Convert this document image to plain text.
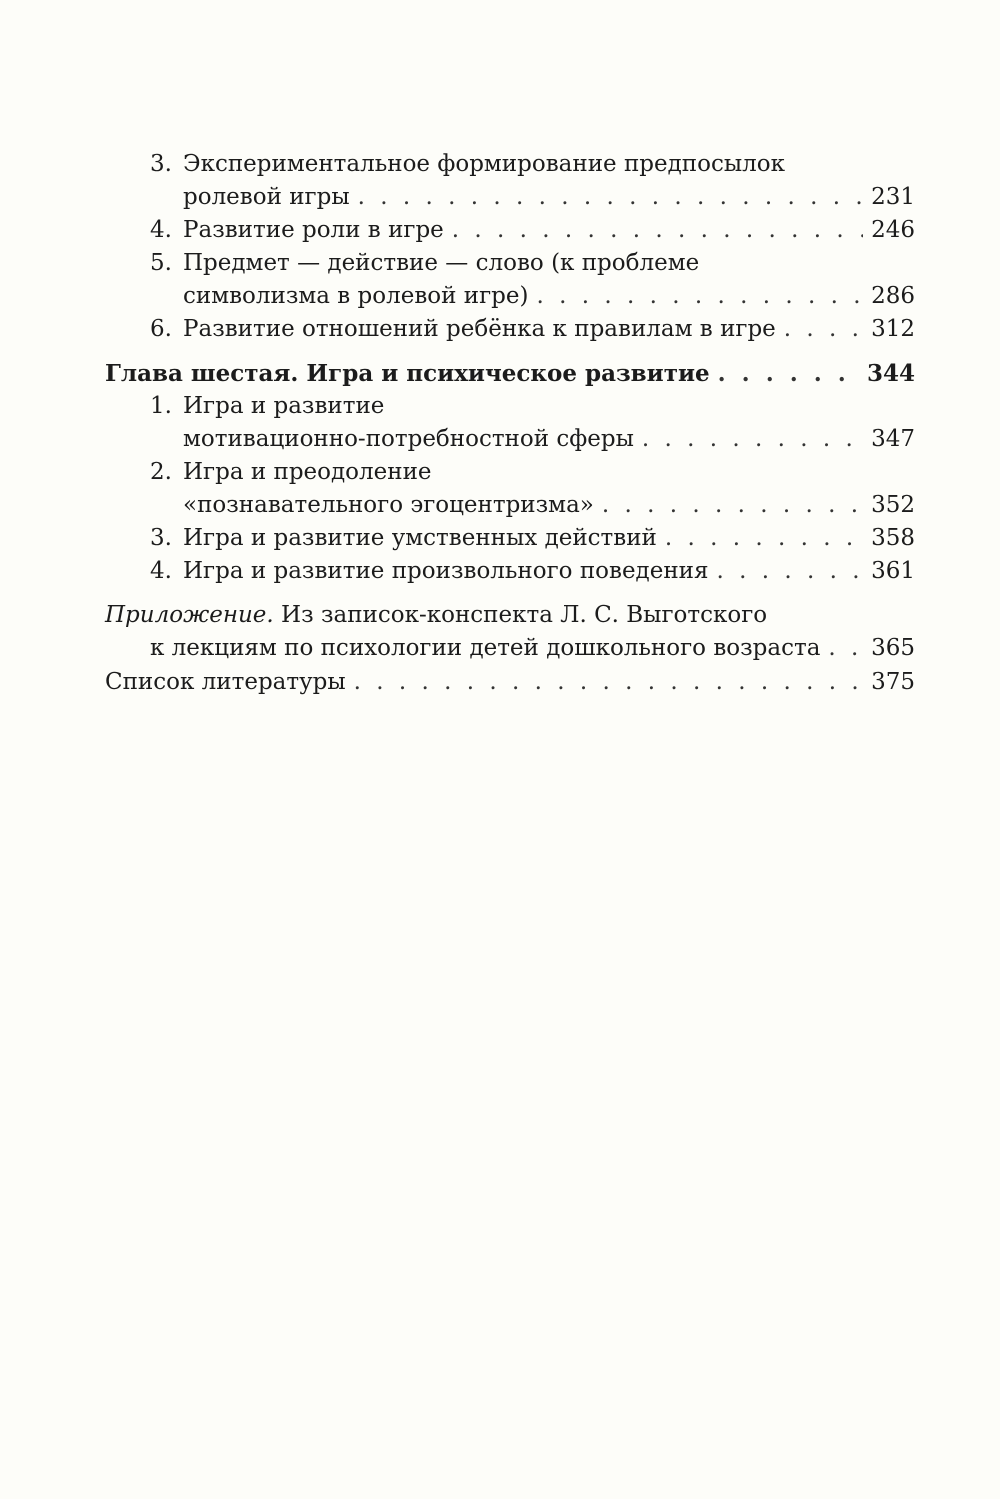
3. Экспериментальное формирование предпосылок
ролевой игры . . .	231
4. Развитие роли в игре . . .	246
5. Предмет — действие — слово (к проблеме
символизма в ролевой игре) . . .	286
6. Развитие отношений ребёнка к правилам в игре . . .	312
Глава шестая. Игра и психическое развитие . . .	344
1. Игра и развитие
мотивационно-потребностной сферы . . .	347
2. Игра и преодоление
«познавательного эгоцентризма» . . .	352
3. Игра и развитие умственных действий . . .	358
4. Игра и развитие произвольного поведения . . .	361
Приложение.
Из записок-конспекта Л. С. Выготского
к лекциям по психологии детей дошкольного возраста . . . 365
Список литературы . . .	375
